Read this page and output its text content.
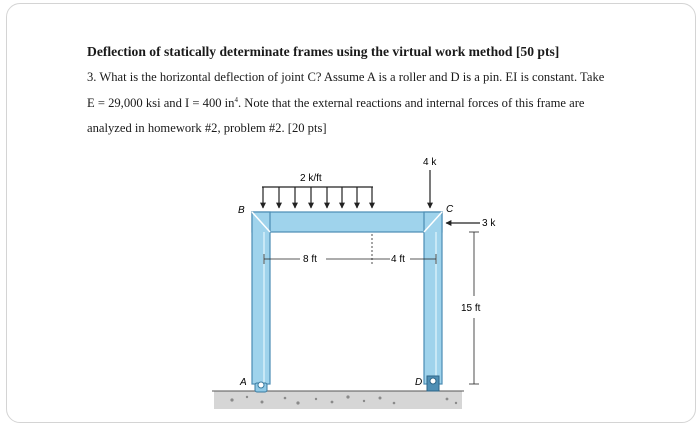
Deflection of statically determinate frames using the virtual work method [50 pts]
3. What is the horizontal deflection of joint C? Assume A is a roller and D is a pin. EI is constant. Take
E = 29,000 ksi and I = 400 $in^4$. Note that the external reactions and internal forces of this frame are
analyzed in homework #2, problem #2. [20 pts]
2 k/ft
4 k
3 k
8 ft	4 ft
15 ft
B	C
A	D
